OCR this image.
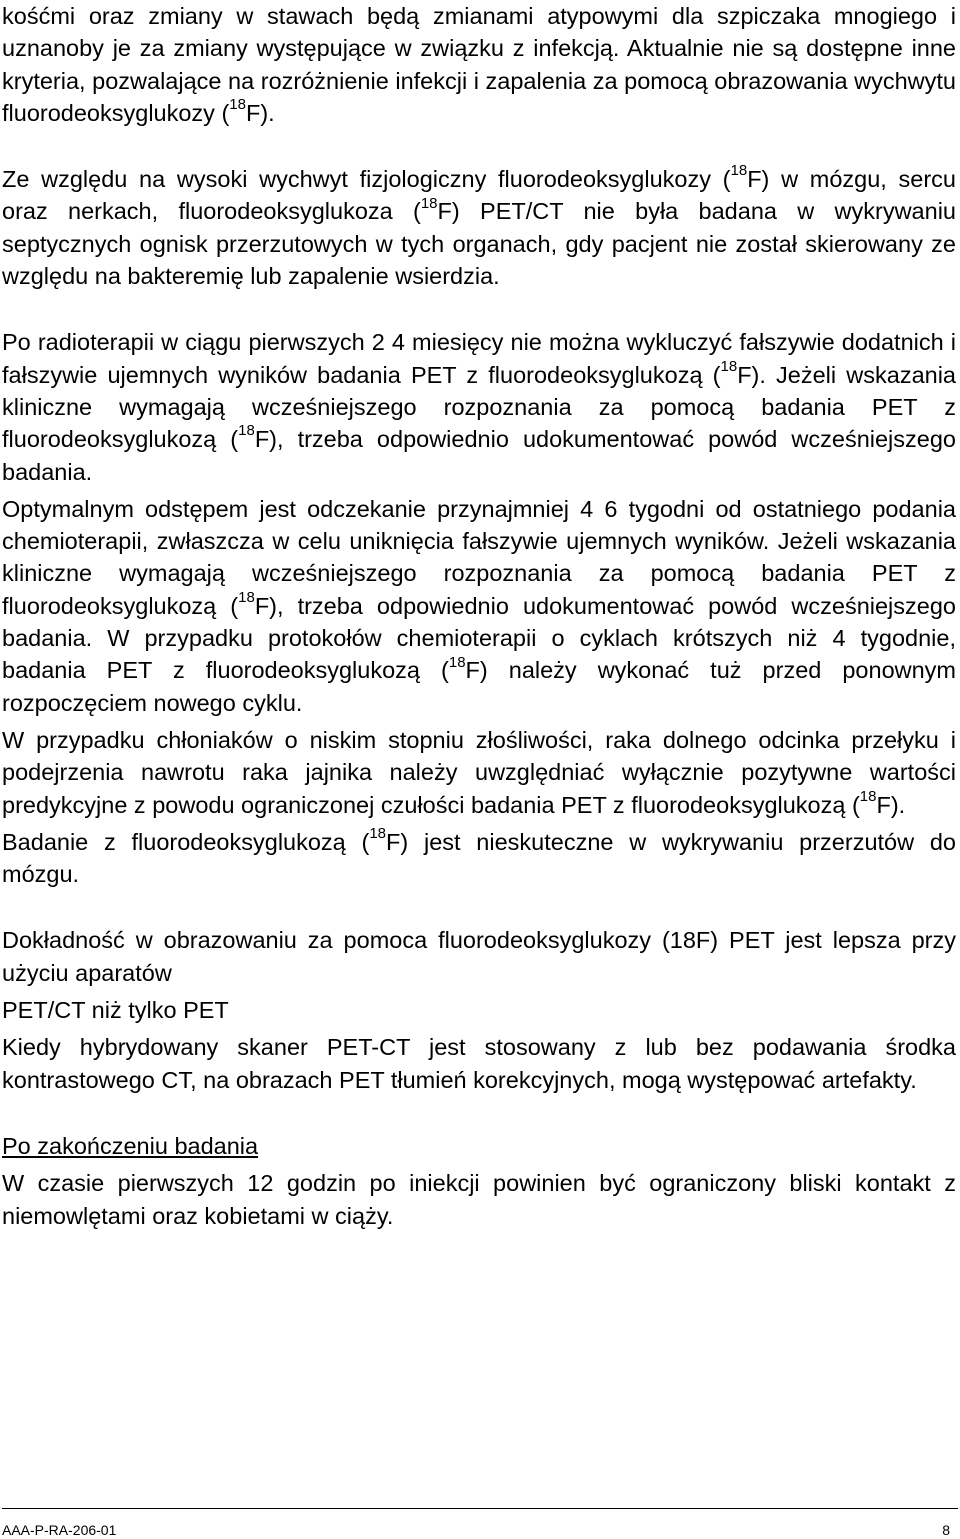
kośćmi oraz zmiany w stawach będą zmianami atypowymi dla szpiczaka mnogiego i uznanoby je za zmiany występujące w związku z infekcją. Aktualnie nie są dostępne inne kryteria, pozwalające na rozróżnienie infekcji i zapalenia za pomocą obrazowania wychwytu fluorodeoksyglukozy ($^{18}$F).

Ze względu na wysoki wychwyt fizjologiczny fluorodeoksyglukozy ($^{18}$F) w mózgu, sercu oraz nerkach, fluorodeoksyglukoza ($^{18}$F) PET/CT nie była badana w wykrywaniu septycznych ognisk przerzutowych w tych organach, gdy pacjent nie został skierowany ze względu na bakteremię lub zapalenie wsierdzia.

Po radioterapii w ciągu pierwszych 2 4 miesięcy nie można wykluczyć fałszywie dodatnich i fałszywie ujemnych wyników badania PET z fluorodeoksyglukozą ($^{18}$F). Jeżeli wskazania kliniczne wymagają wcześniejszego rozpoznania za pomocą badania PET z fluorodeoksyglukozą ($^{18}$F), trzeba odpowiednio udokumentować powód wcześniejszego badania.

Optymalnym odstępem jest odczekanie przynajmniej 4 6 tygodni od ostatniego podania chemioterapii, zwłaszcza w celu uniknięcia fałszywie ujemnych wyników. Jeżeli wskazania kliniczne wymagają wcześniejszego rozpoznania za pomocą badania PET z fluorodeoksyglukozą ($^{18}$F), trzeba odpowiednio udokumentować powód wcześniejszego badania. W przypadku protokołów chemioterapii o cyklach krótszych niż 4 tygodnie, badania PET z fluorodeoksyglukozą ($^{18}$F) należy wykonać tuż przed ponownym rozpoczęciem nowego cyklu.

W przypadku chłoniaków o niskim stopniu złośliwości, raka dolnego odcinka przełyku i podejrzenia nawrotu raka jajnika należy uwzględniać wyłącznie pozytywne wartości predykcyjne z powodu ograniczonej czułości badania PET z fluorodeoksyglukozą ($^{18}$F).

Badanie z fluorodeoksyglukozą ($^{18}$F) jest nieskuteczne w wykrywaniu przerzutów do mózgu.

Dokładność w obrazowaniu za pomoca fluorodeoksyglukozy (18F) PET jest lepsza przy użyciu aparatów

PET/CT niż tylko PET

Kiedy hybrydowany skaner PET-CT jest stosowany z lub bez podawania środka kontrastowego CT, na obrazach PET tłumień korekcyjnych, mogą występować artefakty.

Po zakończeniu badania

W czasie pierwszych 12 godzin po iniekcji powinien być ograniczony bliski kontakt z niemowlętami oraz kobietami w ciąży.

AAA-P-RA-206-01	8
